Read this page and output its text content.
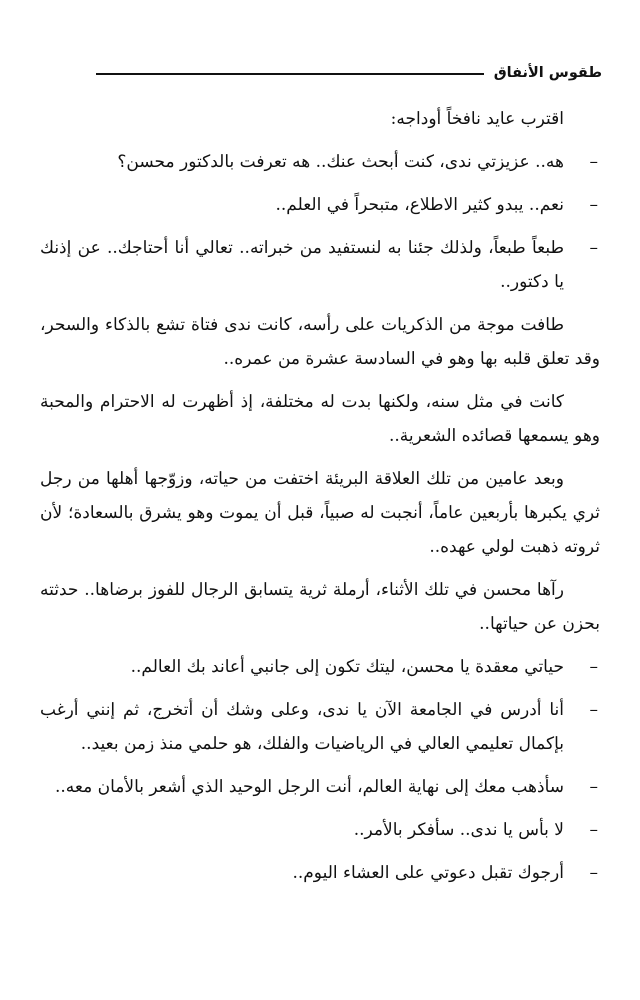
طقوس الأنفاق

اقترب عايد نافخاً أوداجه:

–
هه.. عزيزتي ندى، كنت أبحث عنك.. هه تعرفت بالدكتور محسن؟
–
نعم.. يبدو كثير الاطلاع، متبحراً في العلم..
–
طبعاً طبعاً، ولذلك جئنا به لنستفيد من خبراته.. تعالي أنا أحتاجك.. عن إذنك يا دكتور..

طافت موجة من الذكريات على رأسه، كانت ندى فتاة تشع بالذكاء والسحر، وقد تعلق قلبه بها وهو في السادسة عشرة من عمره..

كانت في مثل سنه، ولكنها بدت له مختلفة، إذ أظهرت له الاحترام والمحبة وهو يسمعها قصائده الشعرية..

وبعد عامين من تلك العلاقة البريئة اختفت من حياته، وزوّجها أهلها من رجل ثري يكبرها بأربعين عاماً، أنجبت له صبياً، قبل أن يموت وهو يشرق بالسعادة؛ لأن ثروته ذهبت لولي عهده..

رآها محسن في تلك الأثناء، أرملة ثرية يتسابق الرجال للفوز برضاها.. حدثته بحزن عن حياتها..

–
حياتي معقدة يا محسن، ليتك تكون إلى جانبي أعاند بك العالم..
–
أنا أدرس في الجامعة الآن يا ندى، وعلى وشك أن أتخرج، ثم إنني أرغب بإكمال تعليمي العالي في الرياضيات والفلك، هو حلمي منذ زمن بعيد..
–
سأذهب معك إلى نهاية العالم، أنت الرجل الوحيد الذي أشعر بالأمان معه..
–
لا بأس يا ندى.. سأفكر بالأمر..
–
أرجوك تقبل دعوتي على العشاء اليوم..
